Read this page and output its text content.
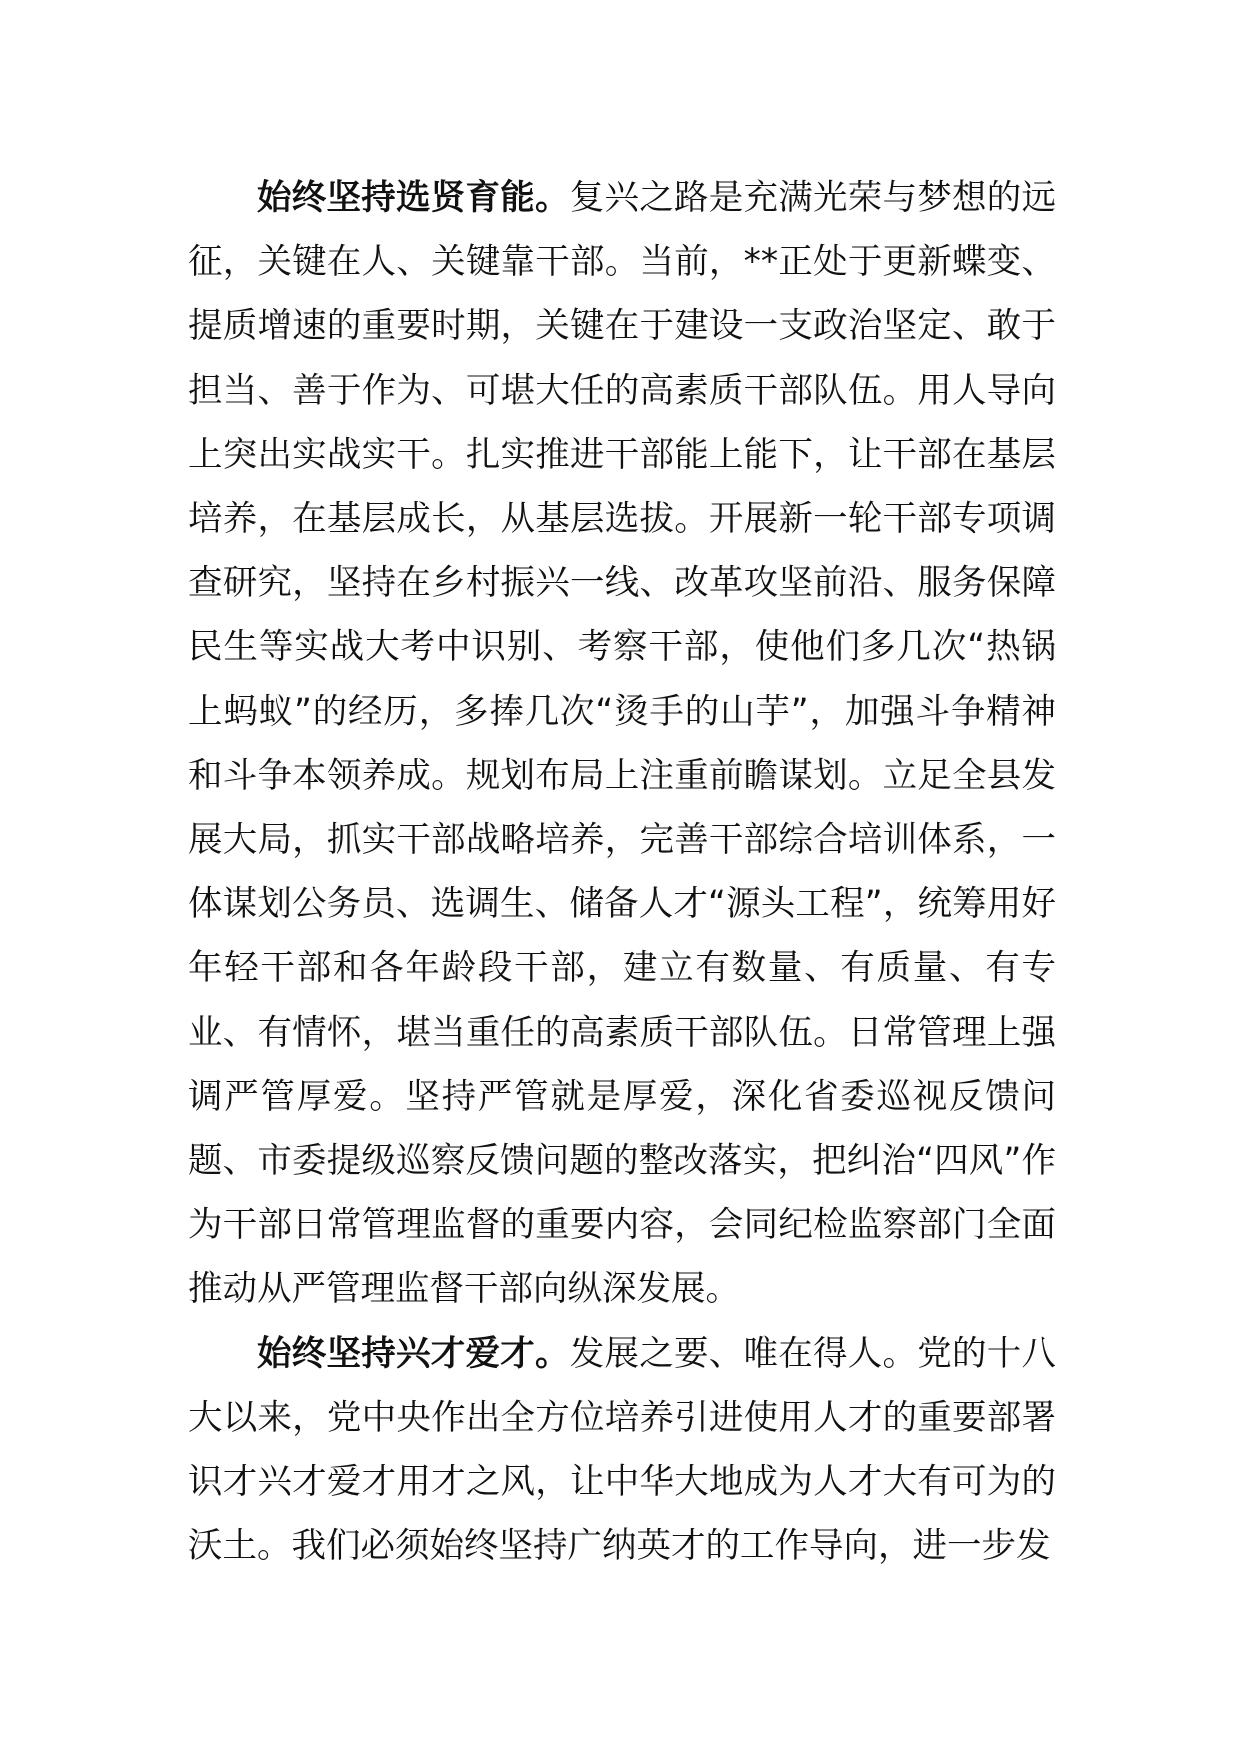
始终坚持选贤育能。复兴之路是充满光荣与梦想的远征，关键在人、关键靠干部。当前，**正处于更新蝶变、提质增速的重要时期，关键在于建设一支政治坚定、敢于担当、善于作为、可堪大任的高素质干部队伍。用人导向上突出实战实干。扎实推进干部能上能下，让干部在基层培养，在基层成长，从基层选拔。开展新一轮干部专项调查研究，坚持在乡村振兴一线、改革攻坚前沿、服务保障民生等实战大考中识别、考察干部，使他们多几次“热锅上蚂蚁”的经历，多捧几次“烫手的山芋”，加强斗争精神和斗争本领养成。规划布局上注重前瞻谋划。立足全县发展大局，抓实干部战略培养，完善干部综合培训体系，一体谋划公务员、选调生、储备人才“源头工程”，统筹用好年轻干部和各年龄段干部，建立有数量、有质量、有专业、有情怀，堪当重任的高素质干部队伍。日常管理上强调严管厚爱。坚持严管就是厚爱，深化省委巡视反馈问题、市委提级巡察反馈问题的整改落实，把纠治“四风”作为干部日常管理监督的重要内容，会同纪检监察部门全面推动从严管理监督干部向纵深发展。

始终坚持兴才爱才。发展之要、唯在得人。党的十八大以来，党中央作出全方位培养引进使用人才的重要部署识才兴才爱才用才之风，让中华大地成为人才大有可为的沃土。我们必须始终坚持广纳英才的工作导向，进一步发
